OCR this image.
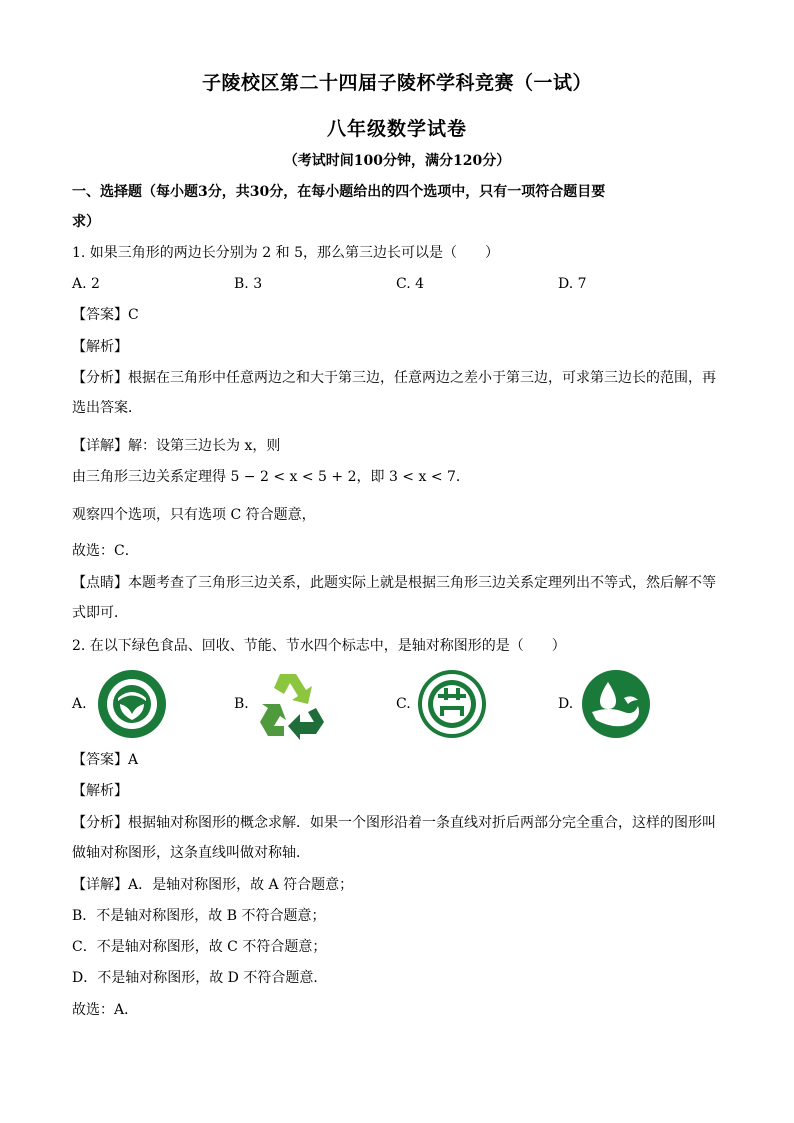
子陵校区第二十四届子陵杯学科竞赛（一试）
八年级数学试卷
（考试时间100分钟，满分120分）
一、选择题（每小题3分，共30分，在每小题给出的四个选项中，只有一项符合题目要
求）
1. 如果三角形的两边长分别为 2 和 5，那么第三边长可以是（　　）
A. 2	B. 3	C. 4	D. 7
【答案】C
【解析】
【分析】根据在三角形中任意两边之和大于第三边，任意两边之差小于第三边，可求第三边长的范围，再
选出答案．
【详解】解：设第三边长为 x，则
由三角形三边关系定理得 5 − 2 < x < 5 + 2，即 3 < x < 7．
观察四个选项，只有选项 C 符合题意，
故选：C．
【点睛】本题考查了三角形三边关系，此题实际上就是根据三角形三边关系定理列出不等式，然后解不等
式即可．
2. 在以下绿色食品、回收、节能、节水四个标志中，是轴对称图形的是（　　）
A.	B.	C.	D.
【答案】A
【解析】
【分析】根据轴对称图形的概念求解．如果一个图形沿着一条直线对折后两部分完全重合，这样的图形叫
做轴对称图形，这条直线叫做对称轴．
【详解】A．是轴对称图形，故 A 符合题意；
B．不是轴对称图形，故 B 不符合题意；
C．不是轴对称图形，故 C 不符合题意；
D．不是轴对称图形，故 D 不符合题意．
故选：A．
